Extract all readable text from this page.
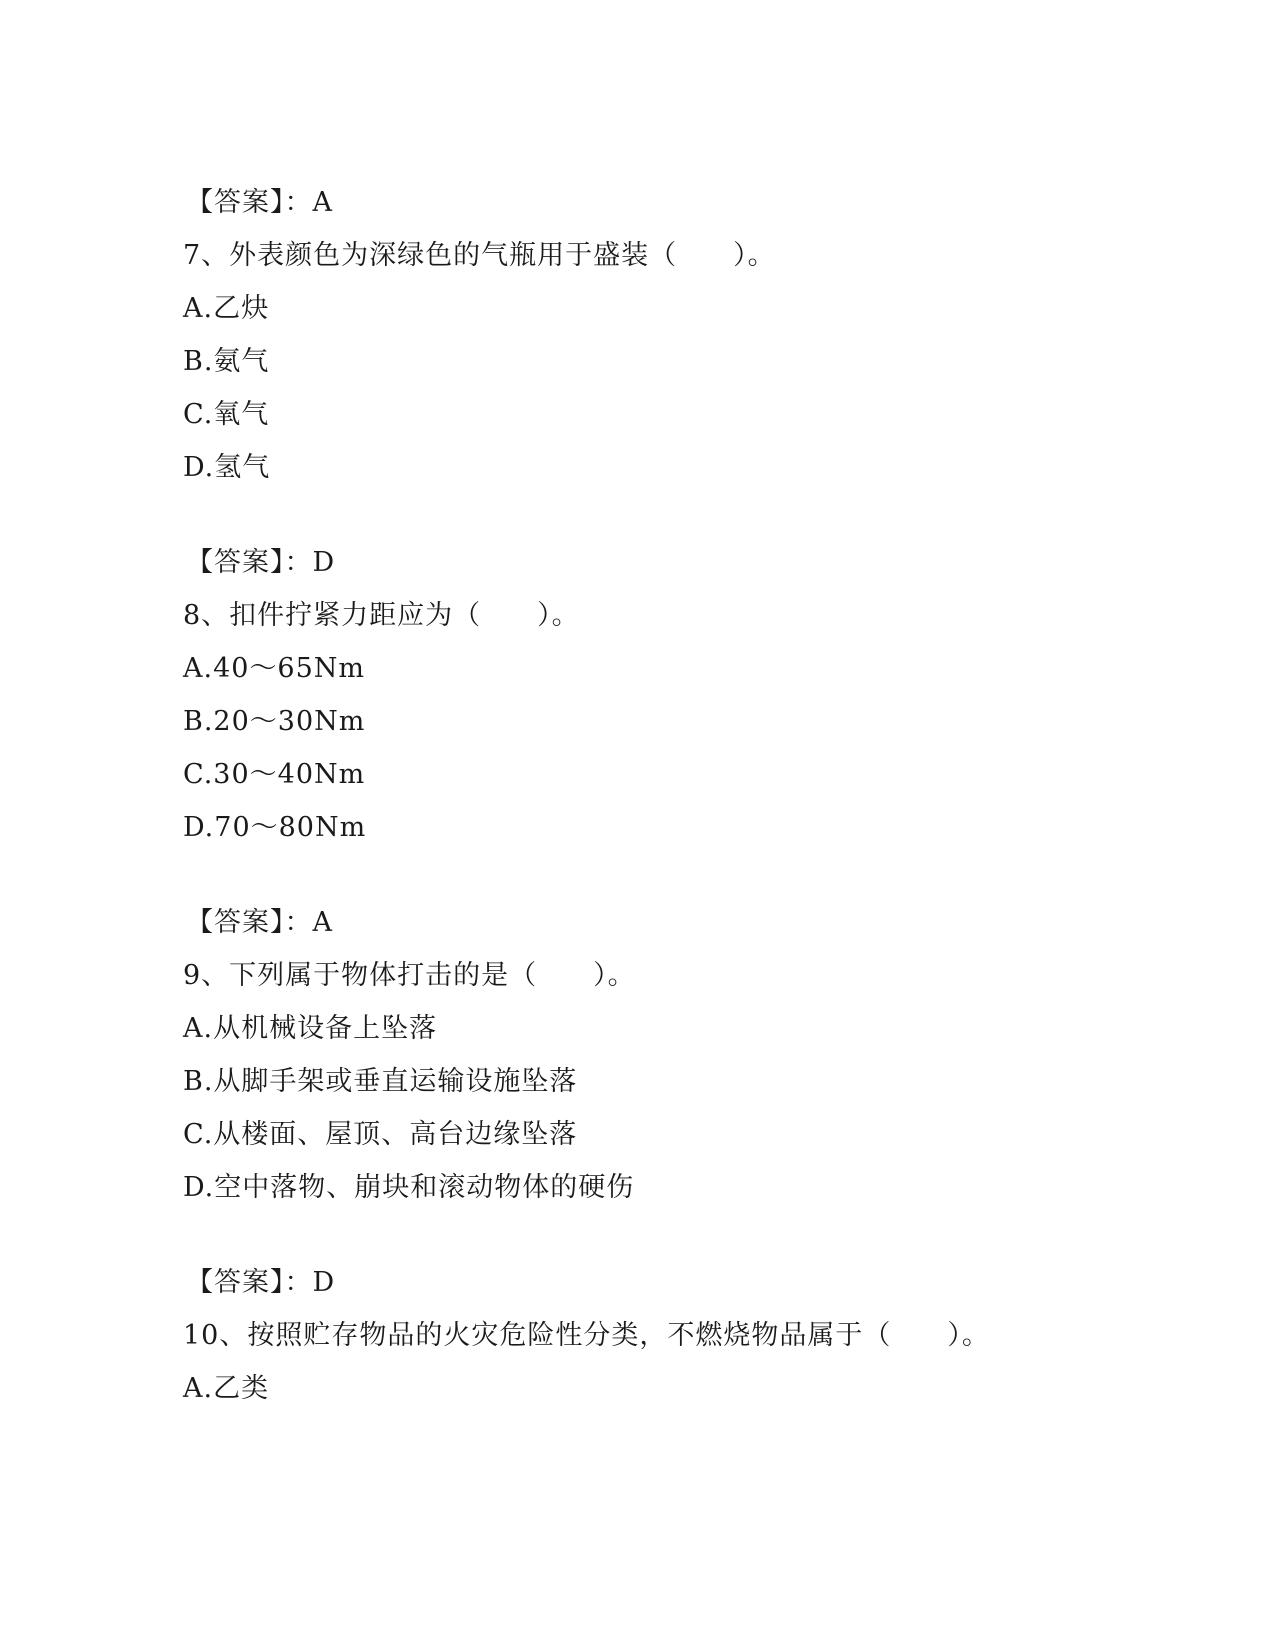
【答案】：A
7、外表颜色为深绿色的气瓶用于盛装（　　）。
A.乙炔
B.氨气
C.氧气
D.氢气
【答案】：D
8、扣件拧紧力距应为（　　）。
A.40～65Nm
B.20～30Nm
C.30～40Nm
D.70～80Nm
【答案】：A
9、下列属于物体打击的是（　　）。
A.从机械设备上坠落
B.从脚手架或垂直运输设施坠落
C.从楼面、屋顶、高台边缘坠落
D.空中落物、崩块和滚动物体的硬伤
【答案】：D
10、按照贮存物品的火灾危险性分类，不燃烧物品属于（　　）。
A.乙类
